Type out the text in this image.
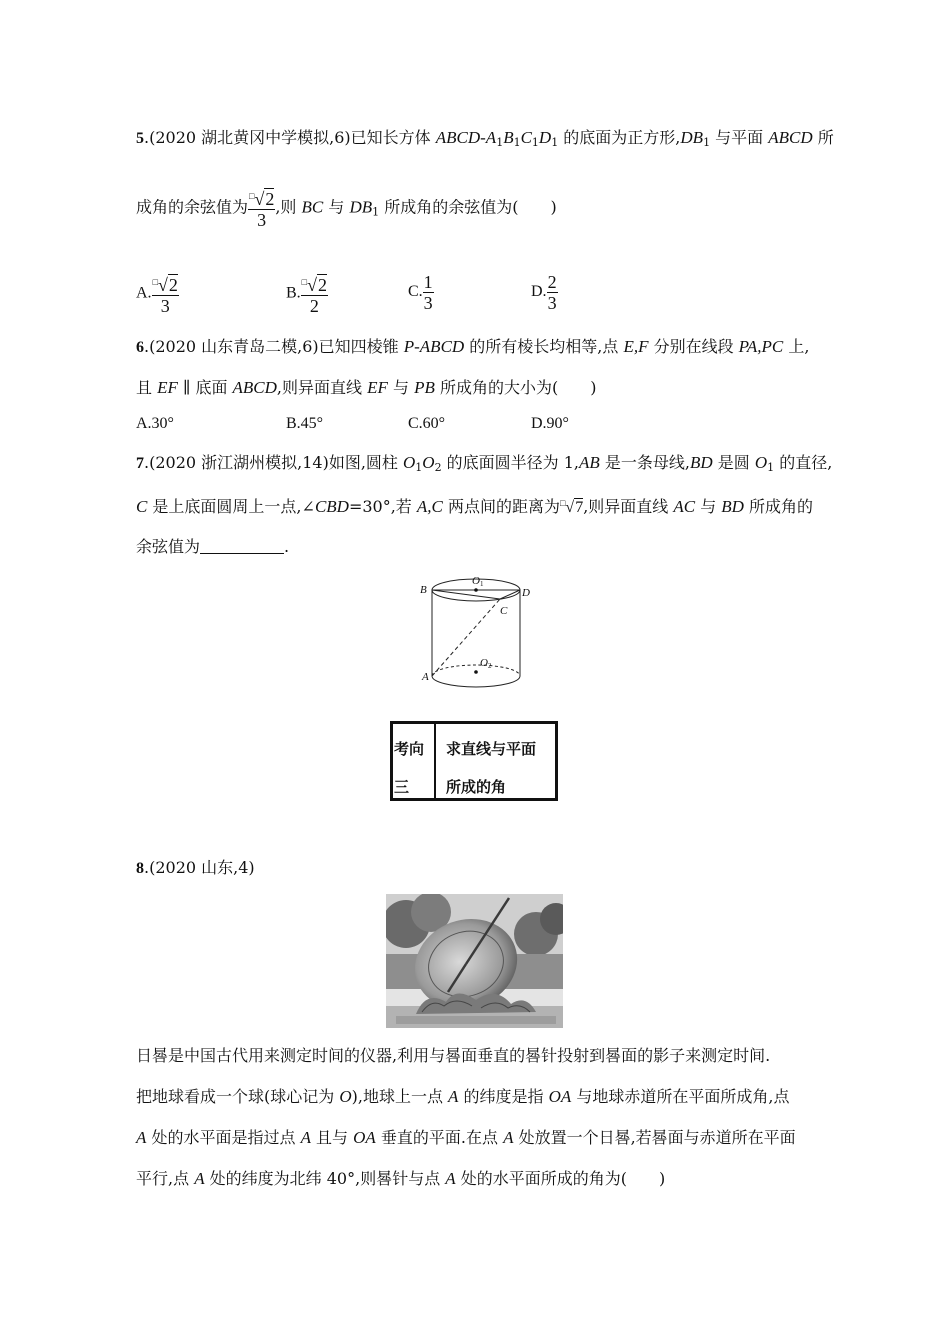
5.(2020 湖北黄冈中学模拟,6)已知长方体 ABCD-$A_1B_1C_1D_1$ 的底面为正方形$,DB_1$ 与平面 ABCD 所
成角的余弦值为 $\frac{^□√2}{3}$ ,则 BC 与 $DB_1$ 所成角的余弦值为(　　)
A. $\frac{^□√2}{3}$	B. $\frac{^□√2}{2}$	C. $\frac{1}{3}$	D. $\frac{2}{3}$
6.(2020 山东青岛二模,6)已知四棱锥 P-ABCD 的所有棱长均相等,点 E,F 分别在线段 PA,PC 上,
且 EF ∥ 底面 ABCD,则异面直线 EF 与 PB 所成角的大小为(　　)
A.30°	B.45°	C.60°	D.90°
7.(2020 浙江湖州模拟,14)如图,圆柱 $O_1O_2$ 的底面圆半径为 1,AB 是一条母线,BD 是圆 $O_1$ 的直径,
C 是上底面圆周上一点,∠CBD=30°,若 A,C 两点间的距离为□√7,则异面直线 AC 与 BD 所成角的
余弦值为	.
B	D
C
A
O
O
1
2
考向
三
求直线与平面
所成的角
8.(2020 山东,4)
日晷是中国古代用来测定时间的仪器,利用与晷面垂直的晷针投射到晷面的影子来测定时间.
把地球看成一个球(球心记为 O),地球上一点 A 的纬度是指 OA 与地球赤道所在平面所成角,点
A 处的水平面是指过点 A 且与 OA 垂直的平面.在点 A 处放置一个日晷,若晷面与赤道所在平面
平行,点 A 处的纬度为北纬 40°,则晷针与点 A 处的水平面所成的角为(　　)
